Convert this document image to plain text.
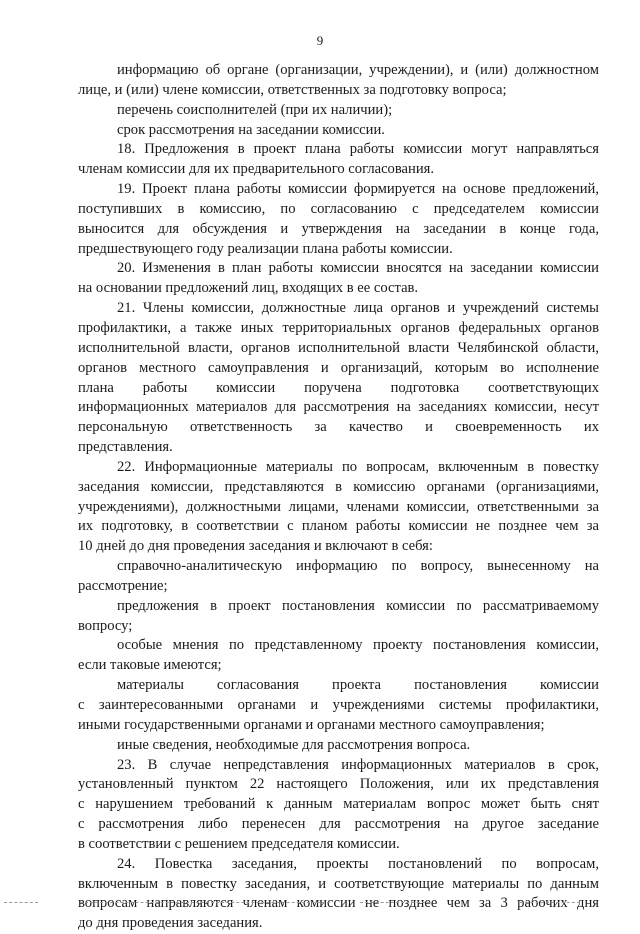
9
информацию об органе (организации, учреждении), и (или) должностном
лице, и (или) члене комиссии, ответственных за подготовку вопроса;
перечень соисполнителей (при их наличии);
срок рассмотрения на заседании комиссии.
18. Предложения в проект плана работы комиссии могут направляться
членам комиссии для их предварительного согласования.
19. Проект плана работы комиссии формируется на основе предложений,
поступивших в комиссию, по согласованию с председателем комиссии
выносится для обсуждения и утверждения на заседании в конце года,
предшествующего году реализации плана работы комиссии.
20. Изменения в план работы комиссии вносятся на заседании комиссии
на основании предложений лиц, входящих в ее состав.
21. Члены комиссии, должностные лица органов и учреждений системы
профилактики, а также иных территориальных органов федеральных органов
исполнительной власти, органов исполнительной власти Челябинской области,
органов местного самоуправления и организаций, которым во исполнение
плана работы комиссии поручена подготовка соответствующих
информационных материалов для рассмотрения на заседаниях комиссии, несут
персональную ответственность за качество и своевременность их
представления.
22. Информационные материалы по вопросам, включенным в повестку
заседания комиссии, представляются в комиссию органами (организациями,
учреждениями), должностными лицами, членами комиссии, ответственными за
их подготовку, в соответствии с планом работы комиссии не позднее чем за
10 дней до дня проведения заседания и включают в себя:
справочно-аналитическую информацию по вопросу, вынесенному на
рассмотрение;
предложения в проект постановления комиссии по рассматриваемому
вопросу;
особые мнения по представленному проекту постановления комиссии,
если таковые имеются;
материалы согласования проекта постановления комиссии
с заинтересованными органами и учреждениями системы профилактики,
иными государственными органами и органами местного самоуправления;
иные сведения, необходимые для рассмотрения вопроса.
23. В случае непредставления информационных материалов в срок,
установленный пунктом 22 настоящего Положения, или их представления
с нарушением требований к данным материалам вопрос может быть снят
с рассмотрения либо перенесен для рассмотрения на другое заседание
в соответствии с решением председателя комиссии.
24. Повестка заседания, проекты постановлений по вопросам,
включенным в повестку заседания, и соответствующие материалы по данным
вопросам направляются членам комиссии не позднее чем за 3 рабочих дня
до дня проведения заседания.
